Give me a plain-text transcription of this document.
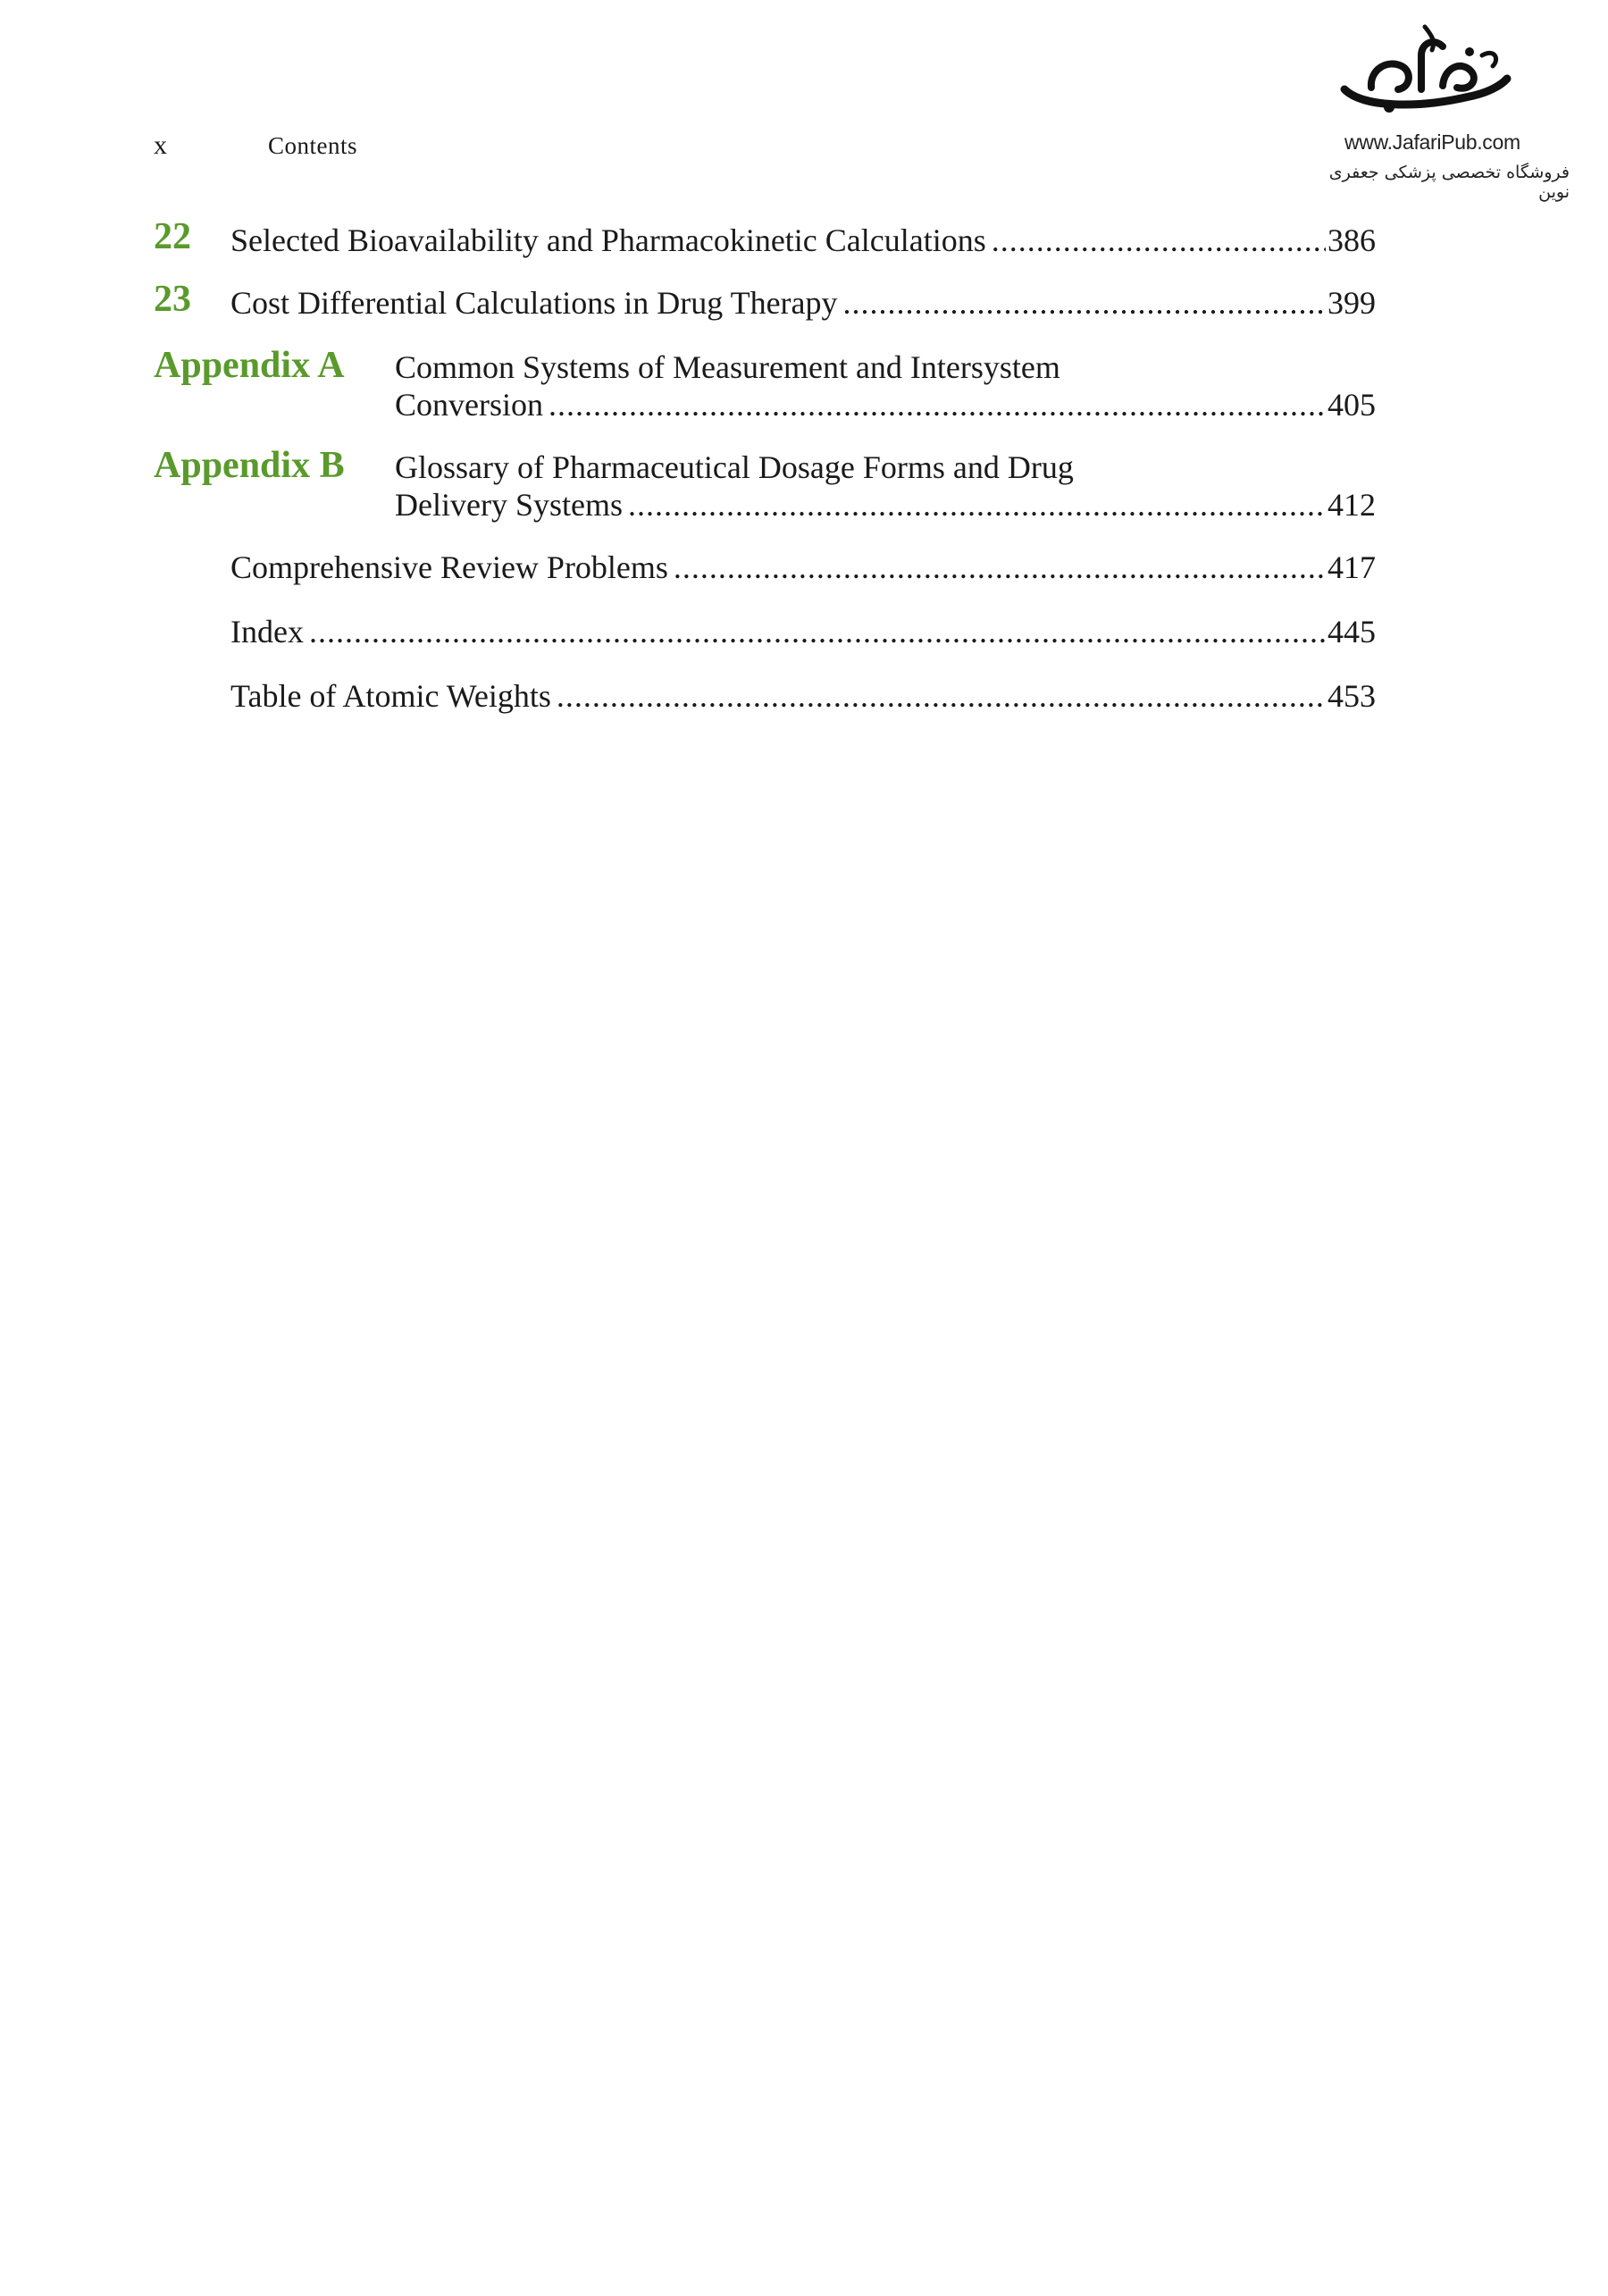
x	Contents	www.JafariPub.com
فروشگاه تخصصی پزشکی جعفری نوین
22 Selected Bioavailability and Pharmacokinetic Calculations .....	386
23 Cost Differential Calculations in Drug Therapy .....	399
Appendix A Common Systems of Measurement and Intersystem
Conversion .....	405
Appendix B Glossary of Pharmaceutical Dosage Forms and Drug
Delivery Systems .....	412
Comprehensive Review Problems .....	417
Index .....	445
Table of Atomic Weights .....	453
